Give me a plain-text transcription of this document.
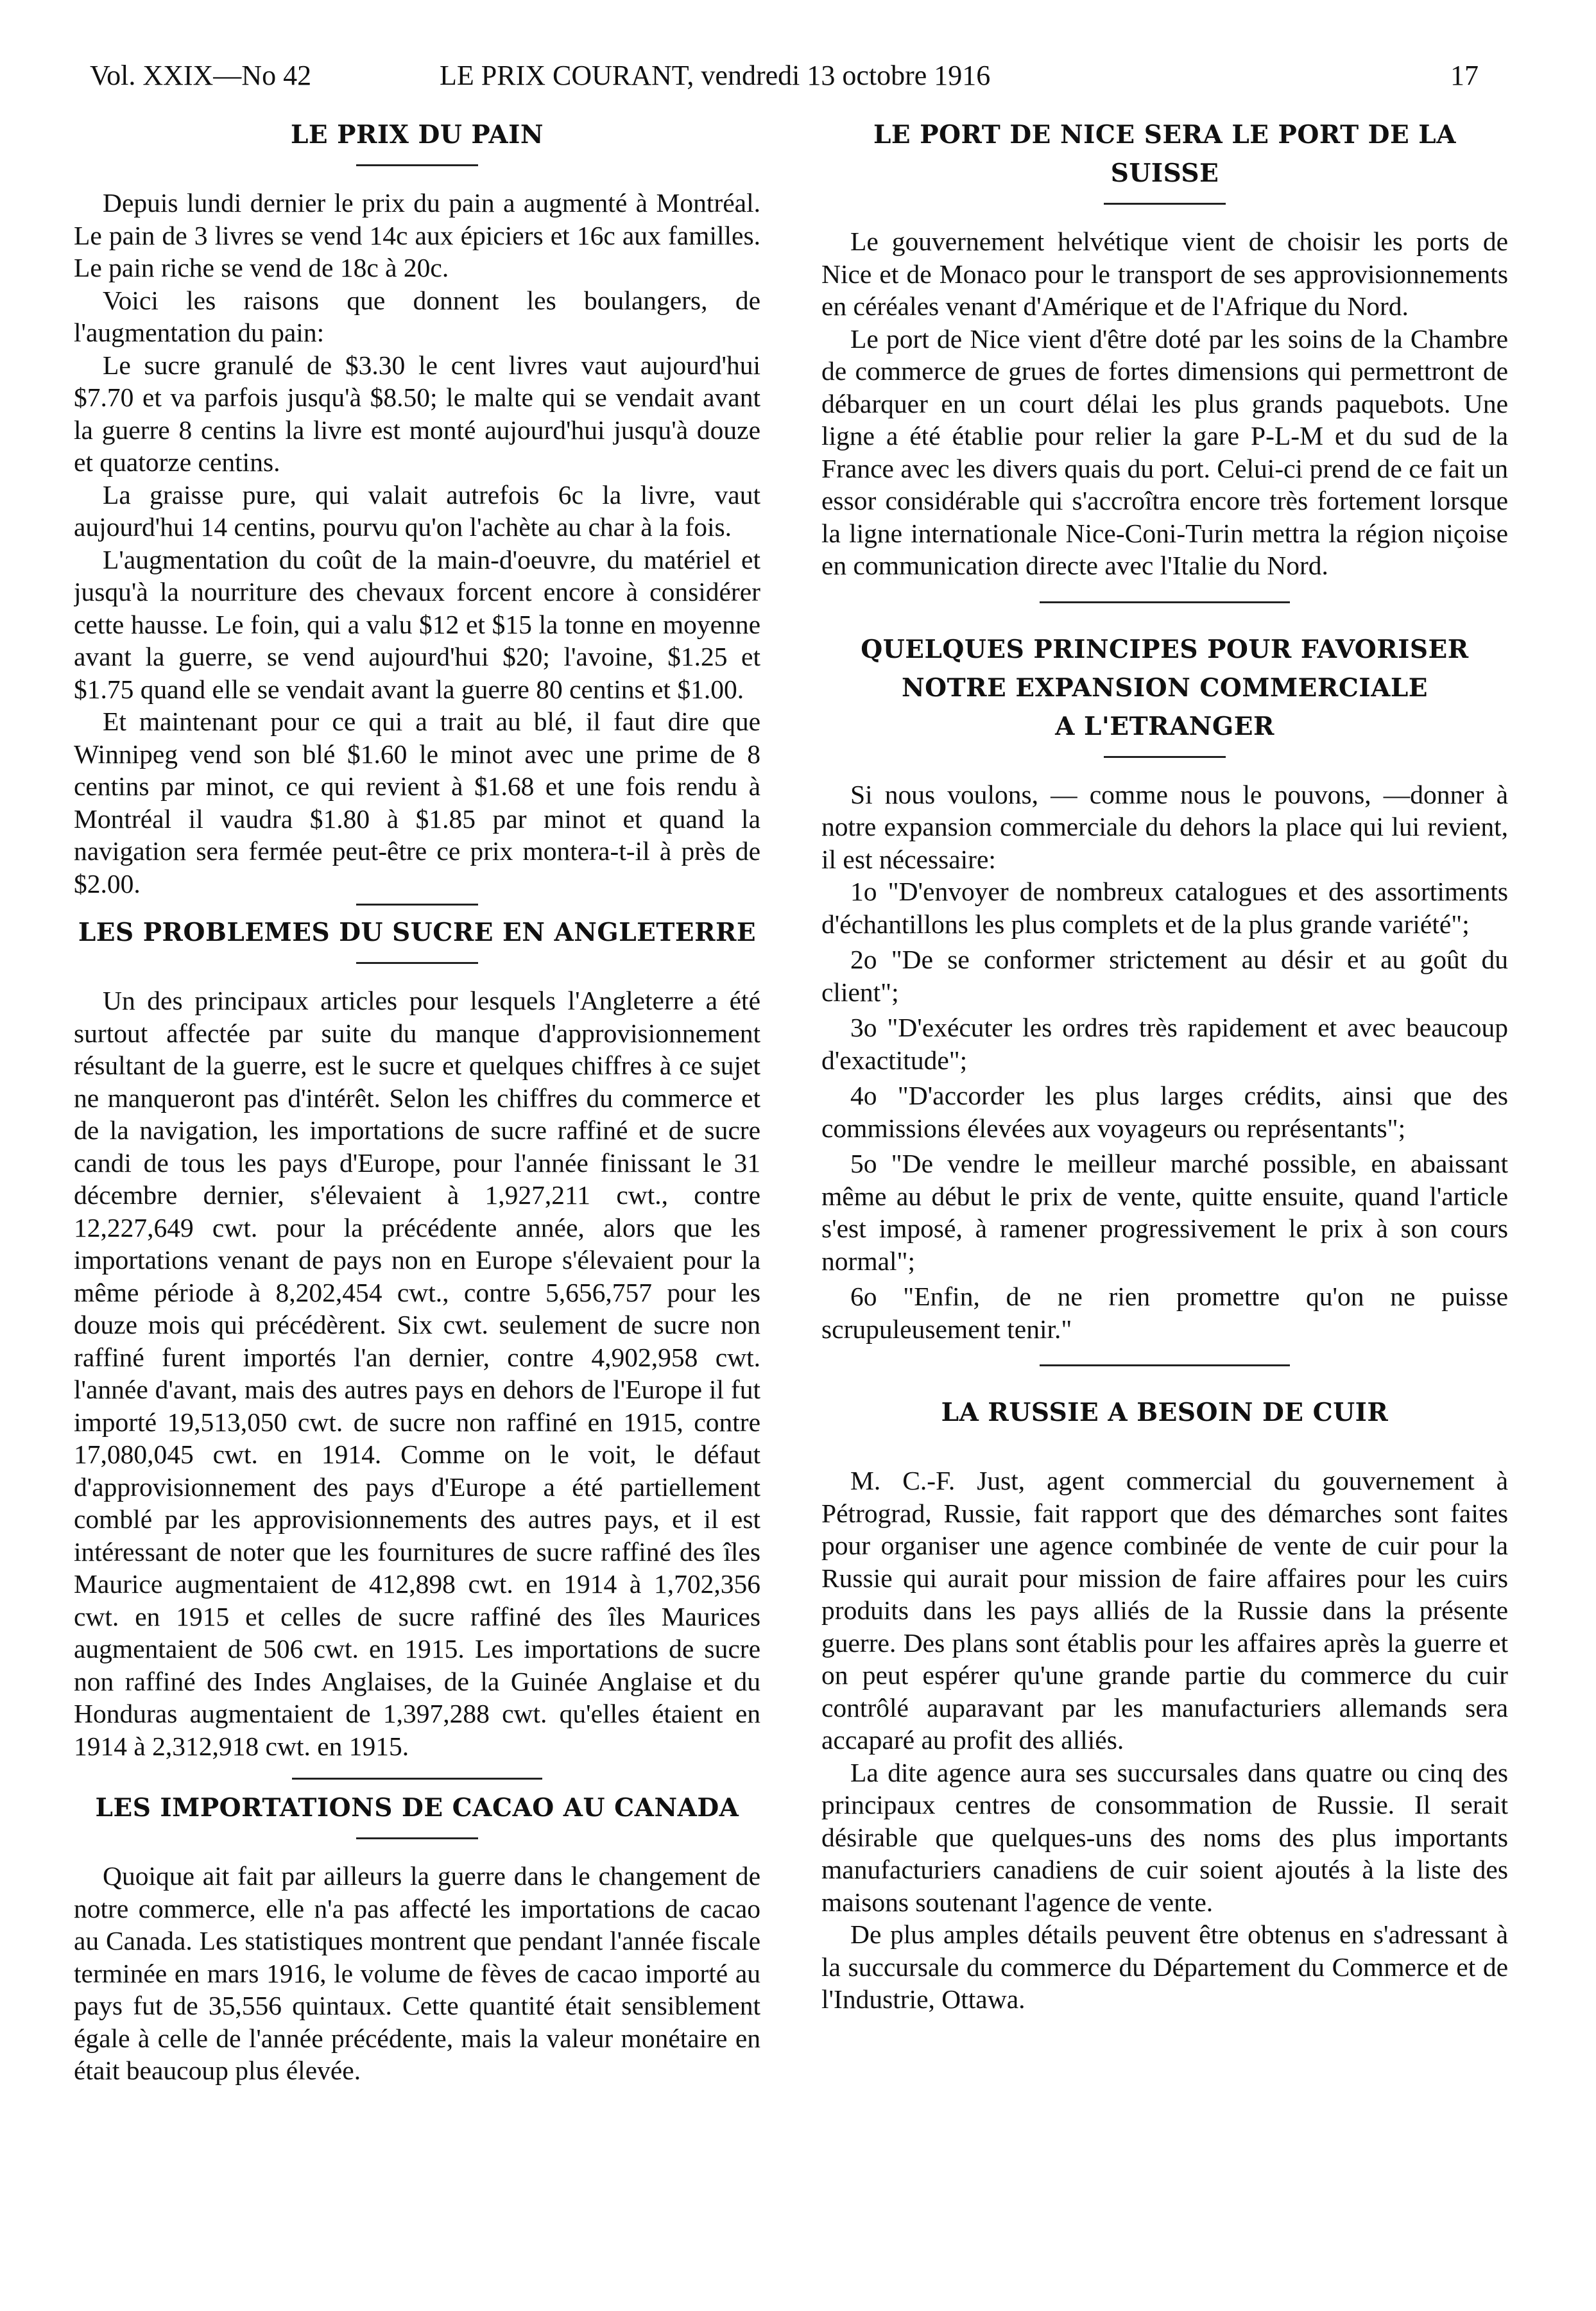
Vol. XXIX—No 42	LE PRIX COURANT, vendredi 13 octobre 1916	17
LE PRIX DU PAIN

Depuis lundi dernier le prix du pain a augmenté à Montréal. Le pain de 3 livres se vend 14c aux épiciers et 16c aux familles. Le pain riche se vend de 18c à 20c.

Voici les raisons que donnent les boulangers, de l'augmentation du pain:

Le sucre granulé de $3.30 le cent livres vaut aujourd'hui $7.70 et va parfois jusqu'à $8.50; le malte qui se vendait avant la guerre 8 centins la livre est monté aujourd'hui jusqu'à douze et quatorze centins.

La graisse pure, qui valait autrefois 6c la livre, vaut aujourd'hui 14 centins, pourvu qu'on l'achète au char à la fois.

L'augmentation du coût de la main-d'oeuvre, du matériel et jusqu'à la nourriture des chevaux forcent encore à considérer cette hausse. Le foin, qui a valu $12 et $15 la tonne en moyenne avant la guerre, se vend aujourd'hui $20; l'avoine, $1.25 et $1.75 quand elle se vendait avant la guerre 80 centins et $1.00.

Et maintenant pour ce qui a trait au blé, il faut dire que Winnipeg vend son blé $1.60 le minot avec une prime de 8 centins par minot, ce qui revient à $1.68 et une fois rendu à Montréal il vaudra $1.80 à $1.85 par minot et quand la navigation sera fermée peut-être ce prix montera-t-il à près de $2.00.

LES PROBLEMES DU SUCRE EN ANGLETERRE

Un des principaux articles pour lesquels l'Angleterre a été surtout affectée par suite du manque d'approvisionnement résultant de la guerre, est le sucre et quelques chiffres à ce sujet ne manqueront pas d'intérêt. Selon les chiffres du commerce et de la navigation, les importations de sucre raffiné et de sucre candi de tous les pays d'Europe, pour l'année finissant le 31 décembre dernier, s'élevaient à 1,927,211 cwt., contre 12,227,649 cwt. pour la précédente année, alors que les importations venant de pays non en Europe s'élevaient pour la même période à 8,202,454 cwt., contre 5,656,757 pour les douze mois qui précédèrent. Six cwt. seulement de sucre non raffiné furent importés l'an dernier, contre 4,902,958 cwt. l'année d'avant, mais des autres pays en dehors de l'Europe il fut importé 19,513,050 cwt. de sucre non raffiné en 1915, contre 17,080,045 cwt. en 1914. Comme on le voit, le défaut d'approvisionnement des pays d'Europe a été partiellement comblé par les approvisionnements des autres pays, et il est intéressant de noter que les fournitures de sucre raffiné des îles Maurice augmentaient de 412,898 cwt. en 1914 à 1,702,356 cwt. en 1915 et celles de sucre raffiné des îles Maurices augmentaient de 506 cwt. en 1915. Les importations de sucre non raffiné des Indes Anglaises, de la Guinée Anglaise et du Honduras augmentaient de 1,397,288 cwt. qu'elles étaient en 1914 à 2,312,918 cwt. en 1915.

LES IMPORTATIONS DE CACAO AU CANADA

Quoique ait fait par ailleurs la guerre dans le changement de notre commerce, elle n'a pas affecté les importations de cacao au Canada. Les statistiques montrent que pendant l'année fiscale terminée en mars 1916, le volume de fèves de cacao importé au pays fut de 35,556 quintaux. Cette quantité était sensiblement égale à celle de l'année précédente, mais la valeur monétaire en était beaucoup plus élevée.

LE PORT DE NICE SERA LE PORT DE LA SUISSE

Le gouvernement helvétique vient de choisir les ports de Nice et de Monaco pour le transport de ses approvisionnements en céréales venant d'Amérique et de l'Afrique du Nord.

Le port de Nice vient d'être doté par les soins de la Chambre de commerce de grues de fortes dimensions qui permettront de débarquer en un court délai les plus grands paquebots. Une ligne a été établie pour relier la gare P-L-M et du sud de la France avec les divers quais du port. Celui-ci prend de ce fait un essor considérable qui s'accroîtra encore très fortement lorsque la ligne internationale Nice-Coni-Turin mettra la région niçoise en communication directe avec l'Italie du Nord.

QUELQUES PRINCIPES POUR FAVORISER
NOTRE EXPANSION COMMERCIALE
A L'ETRANGER

Si nous voulons, — comme nous le pouvons, —donner à notre expansion commerciale du dehors la place qui lui revient, il est nécessaire:

1o "D'envoyer de nombreux catalogues et des assortiments d'échantillons les plus complets et de la plus grande variété";

2o "De se conformer strictement au désir et au goût du client";

3o "D'exécuter les ordres très rapidement et avec beaucoup d'exactitude";

4o "D'accorder les plus larges crédits, ainsi que des commissions élevées aux voyageurs ou représentants";

5o "De vendre le meilleur marché possible, en abaissant même au début le prix de vente, quitte ensuite, quand l'article s'est imposé, à ramener progressivement le prix à son cours normal";

6o "Enfin, de ne rien promettre qu'on ne puisse scrupuleusement tenir."

LA RUSSIE A BESOIN DE CUIR

M. C.-F. Just, agent commercial du gouvernement à Pétrograd, Russie, fait rapport que des démarches sont faites pour organiser une agence combinée de vente de cuir pour la Russie qui aurait pour mission de faire affaires pour les cuirs produits dans les pays alliés de la Russie dans la présente guerre. Des plans sont établis pour les affaires après la guerre et on peut espérer qu'une grande partie du commerce du cuir contrôlé auparavant par les manufacturiers allemands sera accaparé au profit des alliés.

La dite agence aura ses succursales dans quatre ou cinq des principaux centres de consommation de Russie. Il serait désirable que quelques-uns des noms des plus importants manufacturiers canadiens de cuir soient ajoutés à la liste des maisons soutenant l'agence de vente.

De plus amples détails peuvent être obtenus en s'adressant à la succursale du commerce du Département du Commerce et de l'Industrie, Ottawa.
